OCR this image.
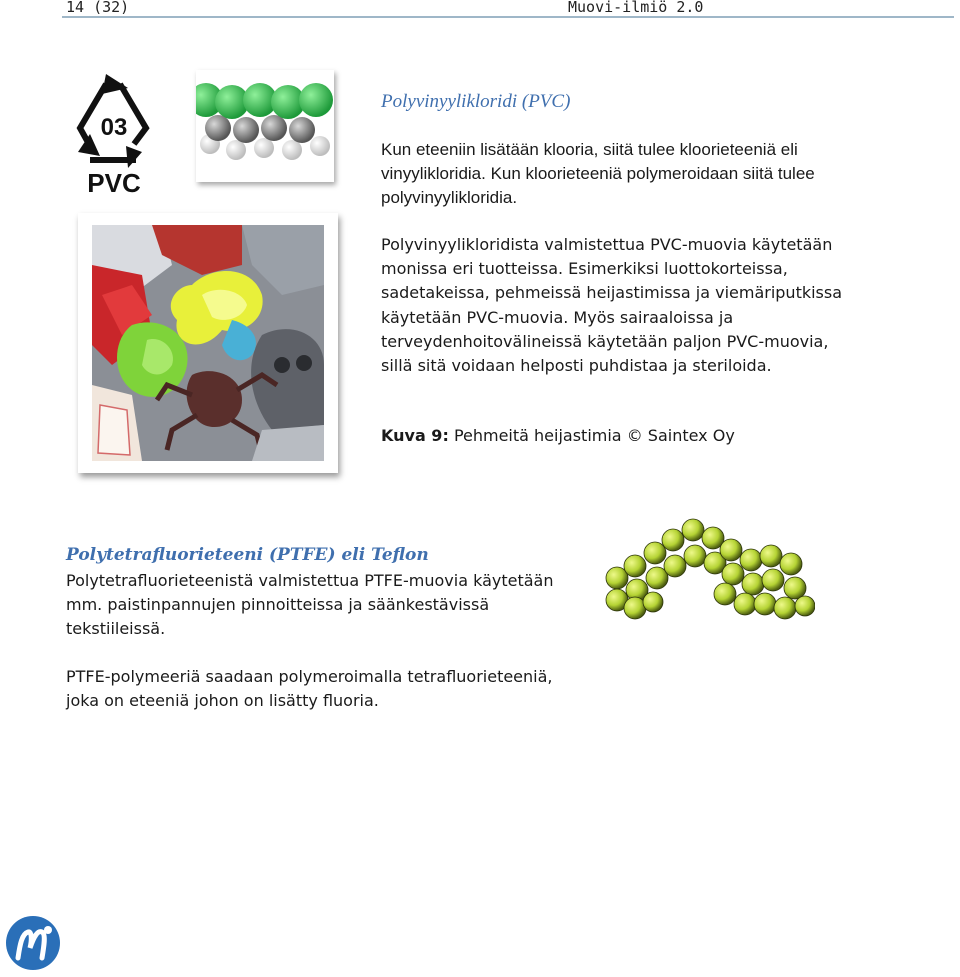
14 (32)	Muovi-ilmiö 2.0
03
PVC
Polyvinyylikloridi (PVC)

Kun eteeniin lisätään klooria, siitä tulee kloorieteeniä eli vinyylikloridia. Kun kloorieteeniä polymeroidaan siitä tulee polyvinyylikloridia.

Polyvinyylikloridista valmistettua PVC-muovia käytetään monissa eri tuotteissa. Esimerkiksi luottokorteissa, sadetakeissa, pehmeissä heijastimissa ja viemäriputkissa käytetään PVC-muovia. Myös sairaaloissa ja terveydenhoitovälineissä käytetään paljon PVC-muovia, sillä sitä voidaan helposti puhdistaa ja steriloida.

Kuva 9: Pehmeitä heijastimia © Saintex Oy
Polytetrafluorieteeni (PTFE) eli Teflon

Polytetrafluorieteenistä valmistettua PTFE-muovia käytetään mm. paistinpannujen pinnoitteissa ja säänkestävissä tekstiileissä.

PTFE-polymeeriä saadaan polymeroimalla tetrafluorieteeniä, joka on eteeniä johon on lisätty fluoria.
